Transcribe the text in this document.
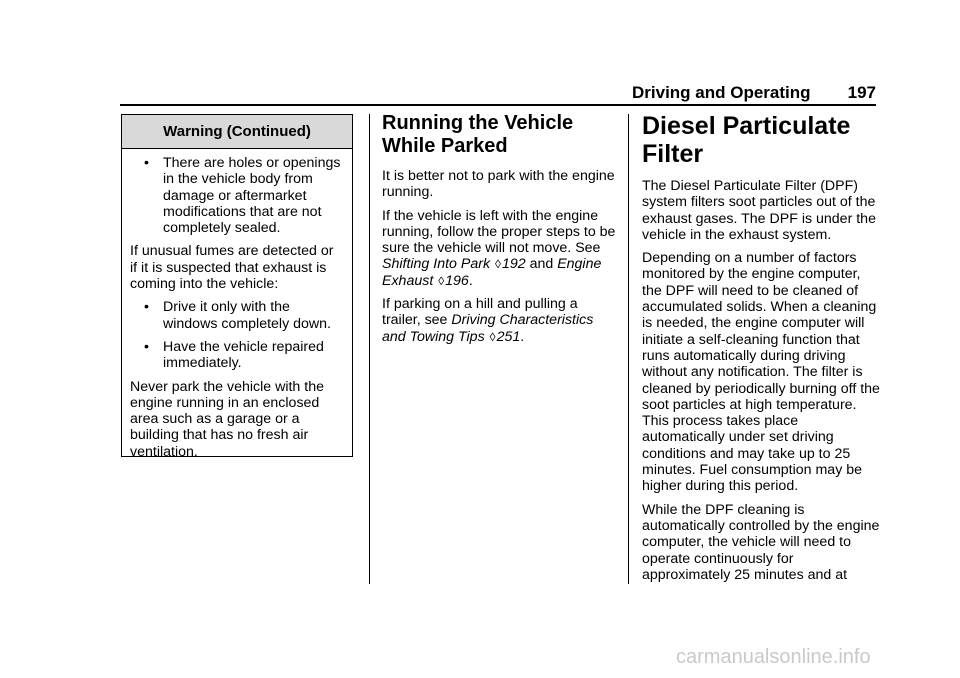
Driving and Operating 197
Warning (Continued)
• There are holes or openings in the vehicle body from damage or aftermarket modifications that are not completely sealed.

If unusual fumes are detected or if it is suspected that exhaust is coming into the vehicle:

• Drive it only with the windows completely down.
• Have the vehicle repaired immediately.

Never park the vehicle with the engine running in an enclosed area such as a garage or a building that has no fresh air ventilation.

Running the Vehicle While Parked

It is better not to park with the engine running.

If the vehicle is left with the engine running, follow the proper steps to be sure the vehicle will not move. See Shifting Into Park ◊192 and Engine Exhaust ◊196.

If parking on a hill and pulling a trailer, see Driving Characteristics and Towing Tips ◊251.

Diesel Particulate Filter

The Diesel Particulate Filter (DPF) system filters soot particles out of the exhaust gases. The DPF is under the vehicle in the exhaust system.

Depending on a number of factors monitored by the engine computer, the DPF will need to be cleaned of accumulated solids. When a cleaning is needed, the engine computer will initiate a self-cleaning function that runs automatically during driving without any notification. The filter is cleaned by periodically burning off the soot particles at high temperature. This process takes place automatically under set driving conditions and may take up to 25 minutes. Fuel consumption may be higher during this period.

While the DPF cleaning is automatically controlled by the engine computer, the vehicle will need to operate continuously for approximately 25 minutes and at

carmanualsonline.info
